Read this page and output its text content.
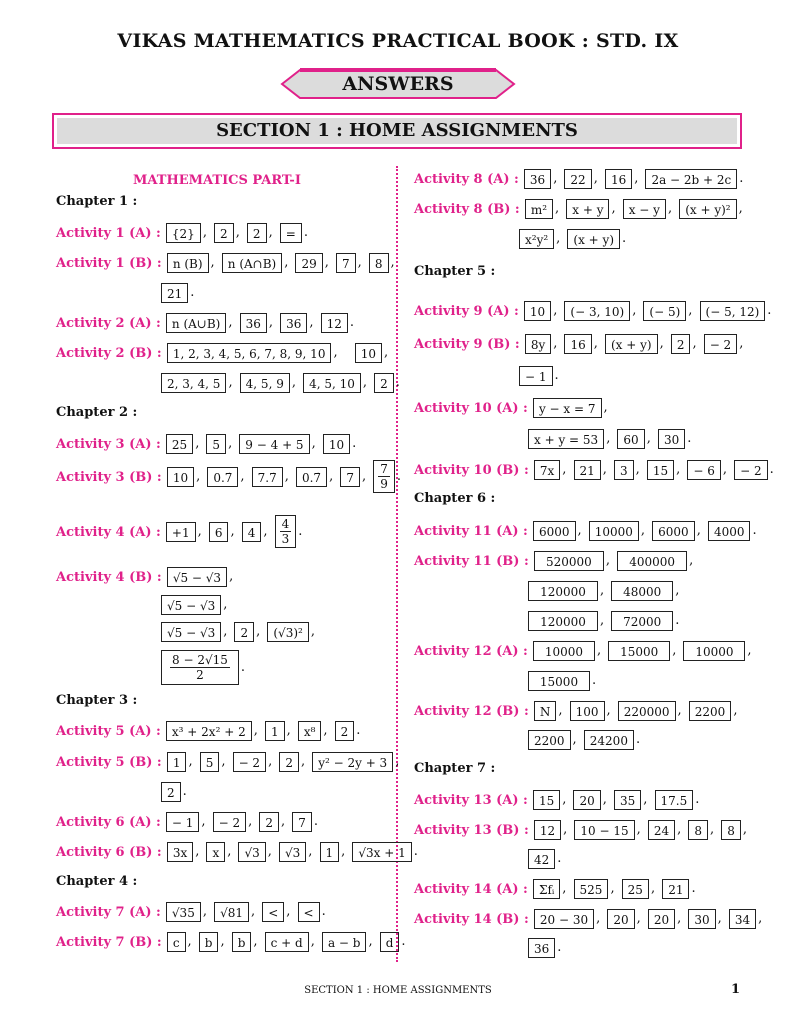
VIKAS MATHEMATICS PRACTICAL BOOK : STD. IX
ANSWERS
SECTION 1 : HOME ASSIGNMENTS
MATHEMATICS PART-I
Chapter 1 :
Activity 1 (A) : {2} , 2 , 2 , = .
Activity 1 (B) : n (B) , n (A∩B) , 29 , 7 , 8 ,
21 .
Activity 2 (A) : n (A∪B) , 36 , 36 , 12 .
Activity 2 (B) : 1, 2, 3, 4, 5, 6, 7, 8, 9, 10 , 10 ,
2, 3, 4, 5 , 4, 5, 9 , 4, 5, 10 , 2 .
Chapter 2 :
Activity 3 (A) : 25 , 5 , 9 − 4 + 5 , 10 .
Activity 3 (B) : 10 , 0.7̇ , 7.7̇ , 0.7̇ , 7 , $\frac{7}{9}$ .
Activity 4 (A) : +1 , 6 , 4 , $\frac{4}{3}$ .
Activity 4 (B) : √5 − √3 ,
√5 − √3 ,
√5 − √3 , 2 , (√3)² ,
$\frac{8 - 2√15}{2}$ .
Chapter 3 :
Activity 5 (A) : x³ + 2x² + 2 , 1 , x⁸ , 2 .
Activity 5 (B) : 1 , 5 , − 2 , 2 , y² − 2y + 3 ,
2 .
Activity 6 (A) : − 1 , − 2 , 2 , 7 .
Activity 6 (B) : 3x , x , √3 , √3 , 1 , √3x + 1 .
Chapter 4 :
Activity 7 (A) : √35 , √81 , < , < .
Activity 7 (B) : c , b , b , c + d , a − b , d .
Activity 8 (A) : 36 , 22 , 16 , 2a − 2b + 2c .
Activity 8 (B) : m² , x + y , x − y , (x + y)² ,
x²y² , (x + y) .
Chapter 5 :
Activity 9 (A) : 10 , (− 3, 10) , (− 5) , (− 5, 12) .
Activity 9 (B) : 8y , 16 , (x + y) , 2 , − 2 ,
− 1 .
Activity 10 (A) : y − x = 7 ,
x + y = 53 , 60 , 30 .
Activity 10 (B) : 7x , 21 , 3 , 15 , − 6 , − 2 .
Chapter 6 :
Activity 11 (A) : 6000 , 10000 , 6000 , 4000 .
Activity 11 (B) : 520000 , 400000 ,
120000 , 48000 ,
120000 , 72000 .
Activity 12 (A) : 10000 , 15000 , 10000 ,
15000 .
Activity 12 (B) : N , 100 , 220000 , 2200 ,
2200 , 24200 .
Chapter 7 :
Activity 13 (A) : 15 , 20 , 35 , 17.5 .
Activity 13 (B) : 12 , 10 − 15 , 24 , 8 , 8 ,
42 .
Activity 14 (A) : Σfᵢ , 525 , 25 , 21 .
Activity 14 (B) : 20 − 30 , 20 , 20 , 30 , 34 ,
36 .
SECTION 1 : HOME ASSIGNMENTS	1
